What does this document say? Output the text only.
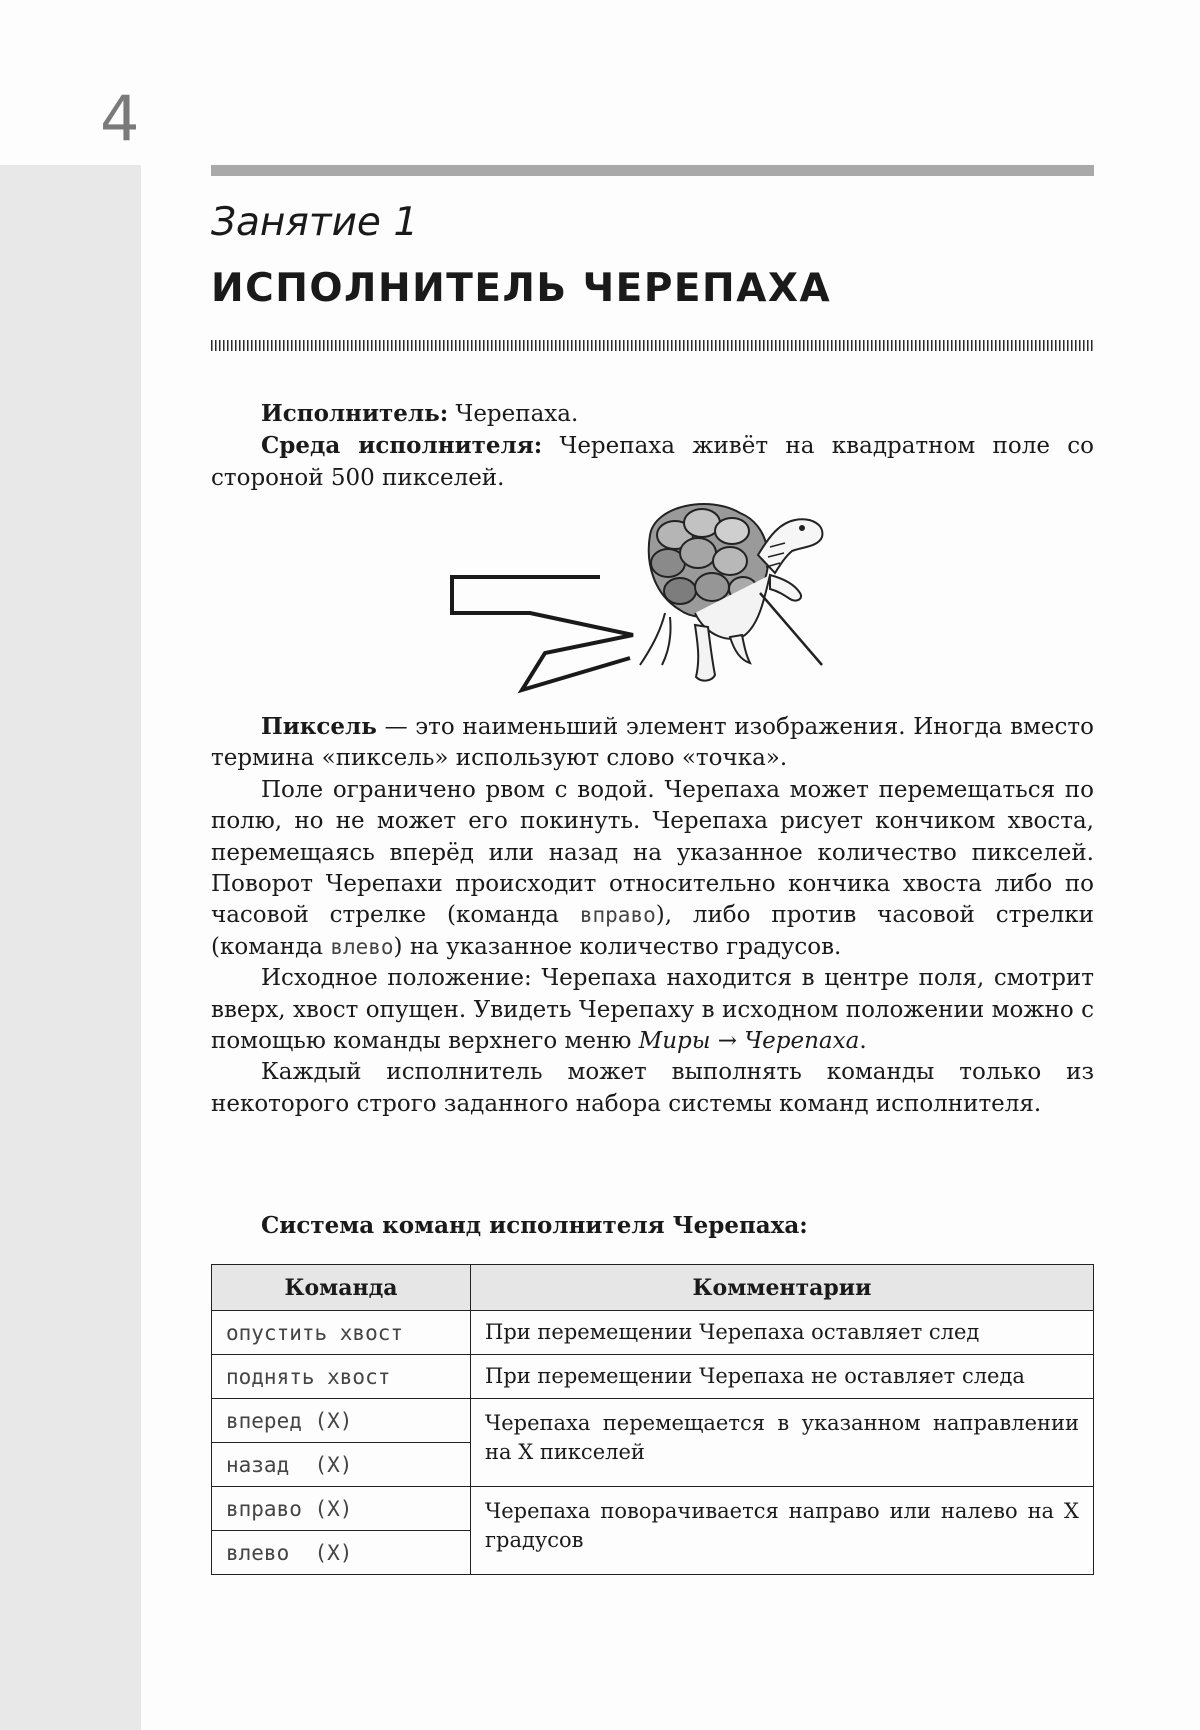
4
Занятие 1
ИСПОЛНИТЕЛЬ ЧЕРЕПАХА

Исполнитель: Черепаха.

Среда исполнителя: Черепаха живёт на квадратном поле со стороной 500 пикселей.

Пиксель — это наименьший элемент изображения. Иногда вместо термина «пиксель» используют слово «точка».

Поле ограничено рвом с водой. Черепаха может перемещаться по полю, но не может его покинуть. Черепаха рисует кончиком хвоста, перемещаясь вперёд или назад на указанное количество пикселей. Поворот Черепахи происходит относительно кончика хвоста либо по часовой стрелке (команда вправо), либо против часовой стрелки (команда влево) на указанное количество градусов.

Исходное положение: Черепаха находится в центре поля, смотрит вверх, хвост опущен. Увидеть Черепаху в исходном положении можно с помощью команды верхнего меню Миры → Черепаха.

Каждый исполнитель может выполнять команды только из некоторого строго заданного набора системы команд исполнителя.

Система команд исполнителя Черепаха:
Команда	Комментарии
опустить хвост	При перемещении Черепаха оставляет след
поднять хвост	При перемещении Черепаха не оставляет следа
вперед (X)	Черепаха перемещается в указанном направлении на X пикселей
назад  (X)	
вправо (X)	Черепаха поворачивается направо или налево на X градусов
влево  (X)	
